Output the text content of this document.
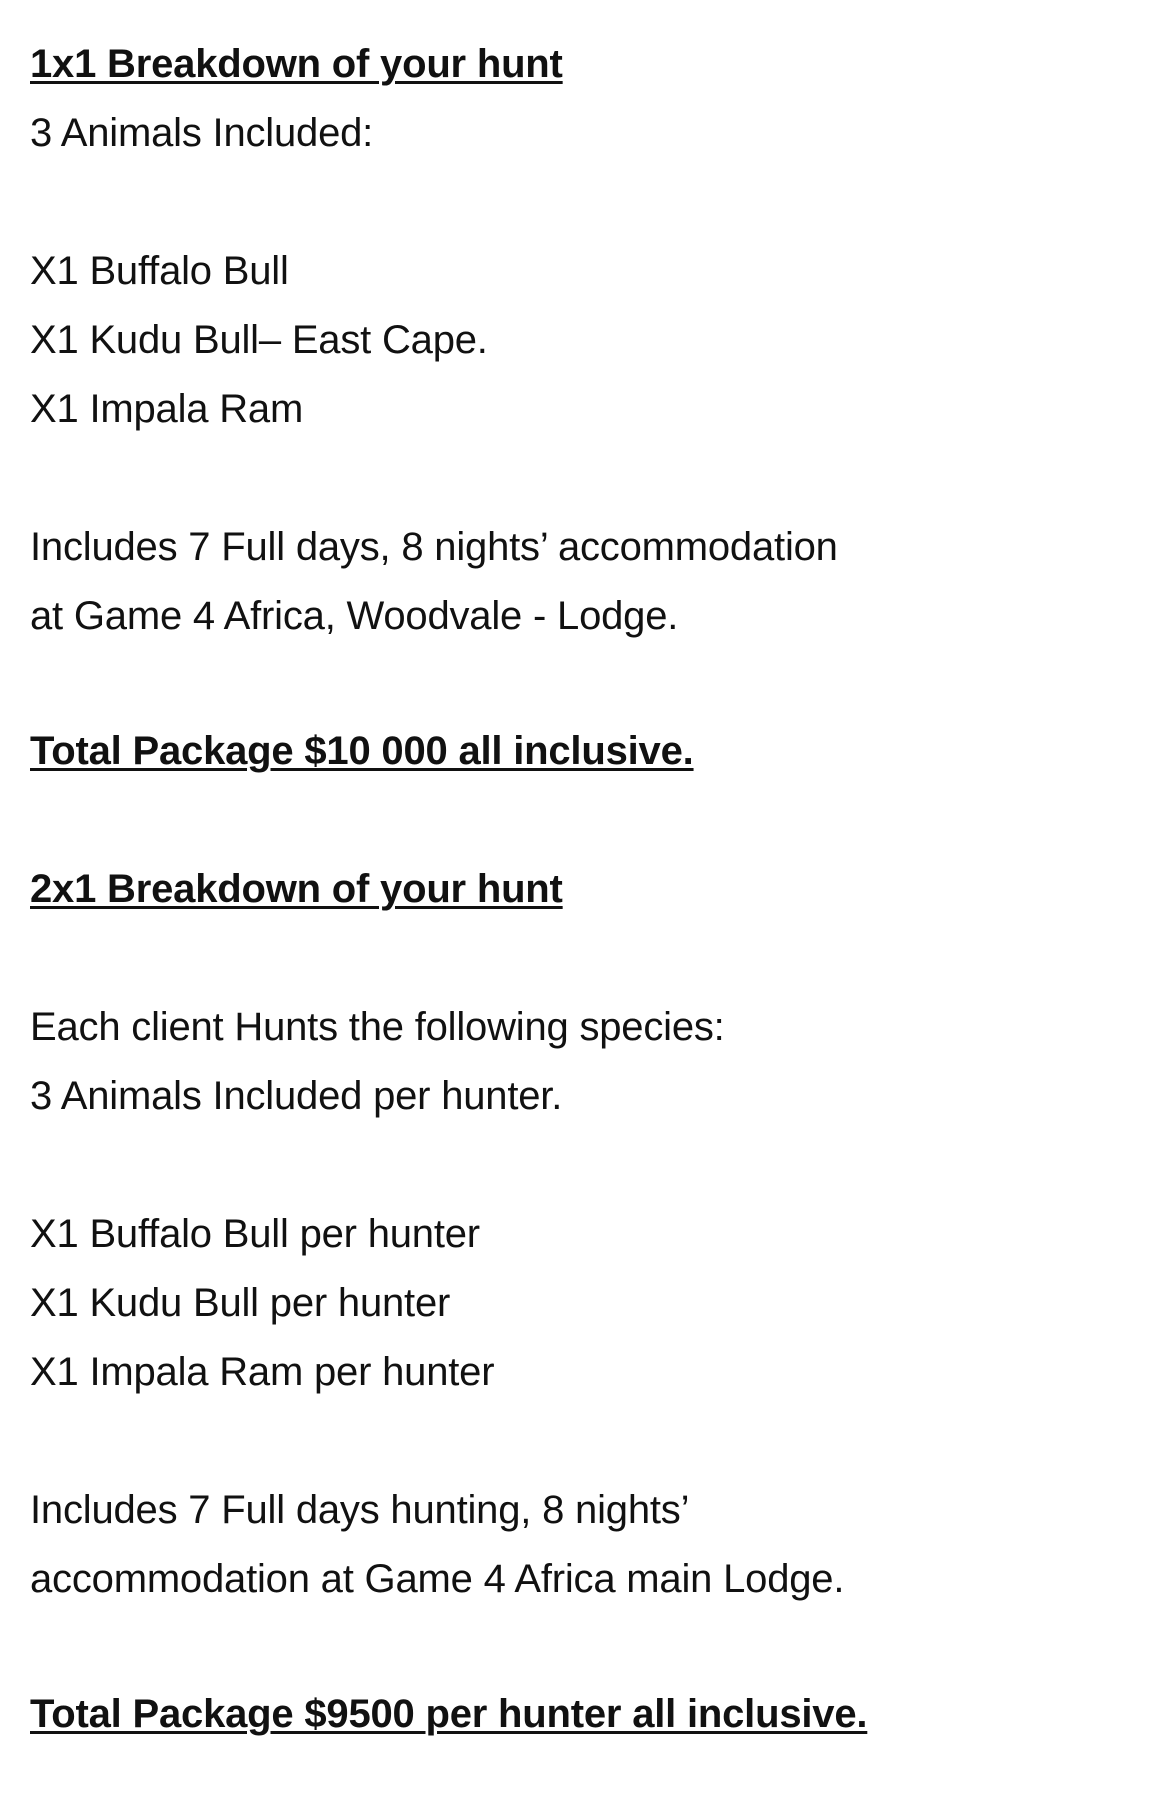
1x1 Breakdown of your hunt
3 Animals Included:
X1 Buffalo Bull
X1 Kudu Bull– East Cape.
X1 Impala Ram
Includes 7 Full days, 8 nights’ accommodation
at Game 4 Africa, Woodvale - Lodge.
Total Package $10 000 all inclusive.
2x1 Breakdown of your hunt
Each client Hunts the following species:
3 Animals Included per hunter.
X1 Buffalo Bull per hunter
X1 Kudu Bull per hunter
X1 Impala Ram per hunter
Includes 7 Full days hunting, 8 nights’
accommodation at Game 4 Africa main Lodge.
Total Package $9500 per hunter all inclusive.
